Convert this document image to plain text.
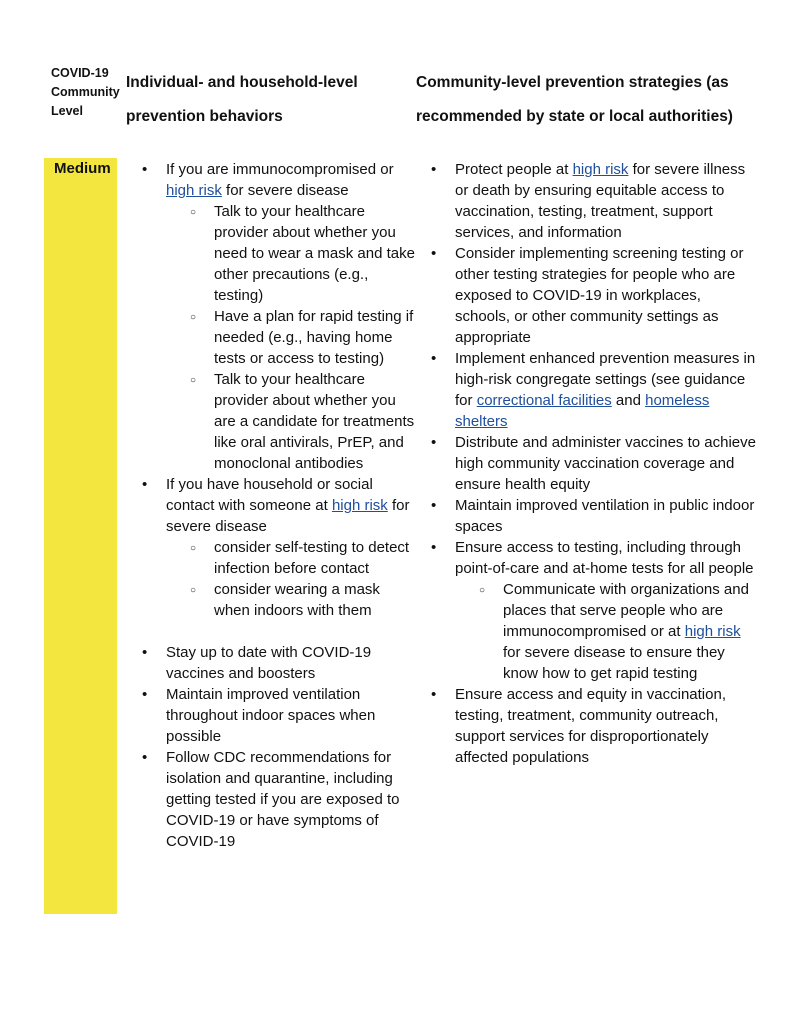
COVID-19 Community Level
Individual- and household-level prevention behaviors
Community-level prevention strategies (as recommended by state or local authorities)
Medium
•	If you are immunocompromised or high risk for severe disease
○ Talk to your healthcare provider about whether you need to wear a mask and take other precautions (e.g., testing)
○ Have a plan for rapid testing if needed (e.g., having home tests or access to testing)
○ Talk to your healthcare provider about whether you are a candidate for treatments like oral antivirals, PrEP, and monoclonal antibodies
• If you have household or social contact with someone at high risk for severe disease
○ consider self-testing to detect infection before contact
○ consider wearing a mask when indoors with them
• Stay up to date with COVID-19 vaccines and boosters
• Maintain improved ventilation throughout indoor spaces when possible
• Follow CDC recommendations for isolation and quarantine, including getting tested if you are exposed to COVID-19 or have symptoms of COVID-19
• Protect people at high risk for severe illness or death by ensuring equitable access to vaccination, testing, treatment, support services, and information
• Consider implementing screening testing or other testing strategies for people who are exposed to COVID-19 in workplaces, schools, or other community settings as appropriate
• Implement enhanced prevention measures in high-risk congregate settings (see guidance for correctional facilities and homeless shelters
• Distribute and administer vaccines to achieve high community vaccination coverage and ensure health equity
• Maintain improved ventilation in public indoor spaces
• Ensure access to testing, including through point-of-care and at-home tests for all people
○ Communicate with organizations and places that serve people who are immunocompromised or at high risk for severe disease to ensure they know how to get rapid testing
• Ensure access and equity in vaccination, testing, treatment, community outreach, support services for disproportionately affected populations
